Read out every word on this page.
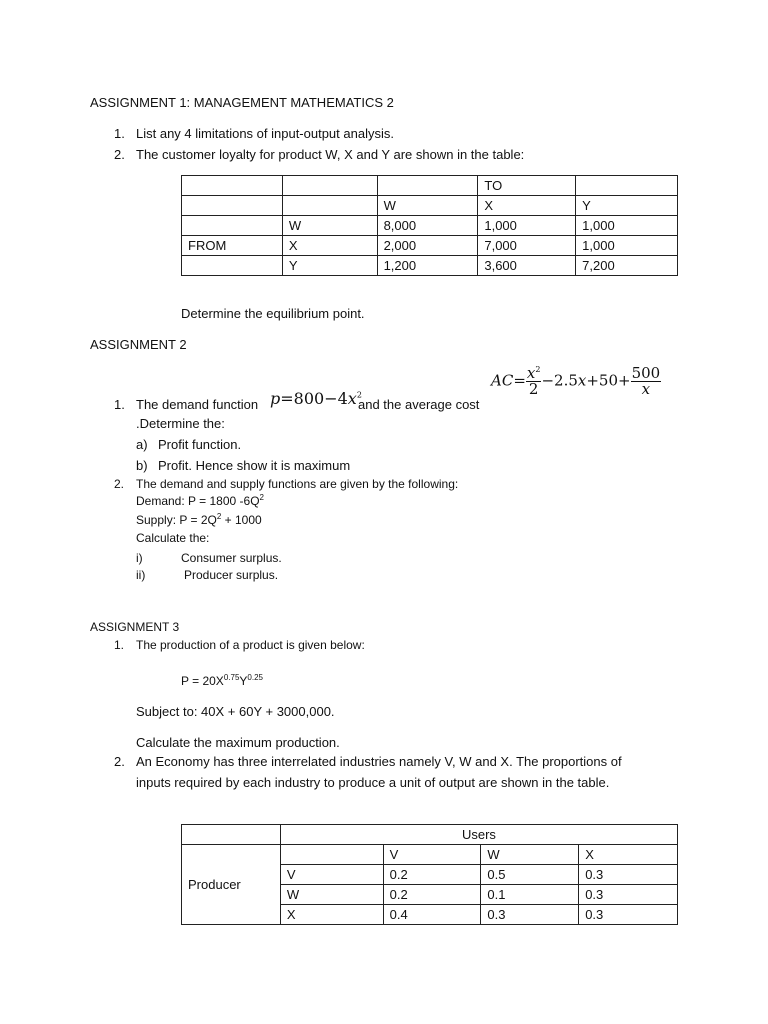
ASSIGNMENT 1: MANAGEMENT MATHEMATICS 2
1. List any 4 limitations of input-output analysis.
2. The customer loyalty for product W, X and Y are shown in the table:
			TO	
		W	X	Y
	W	8,000	1,000	1,000
FROM	X	2,000	7,000	1,000
	Y	1,200	3,600	7,200
Determine the equilibrium point.
ASSIGNMENT 2
$AC= \frac{x^2}{2} -2.5x+50+ \frac{500}{x}$
1. The demand function $p=800-4x^2$
and the average cost
.Determine the:
a) Profit function.
b) Profit. Hence show it is maximum
2. The demand and supply functions are given by the following:
Demand: P = 1800 $-6Q^2$
Supply: $P = 2Q^2 + 1000$
Calculate the:
i)	Consumer surplus.
ii)	Producer surplus.
ASSIGNMENT 3
1. The production of a product is given below:
$P = 20X^{0.75}Y^{0.25}$
Subject to: 40X + 60Y + 3000,000.
Calculate the maximum production.
2. An Economy has three interrelated industries namely V, W and X. The proportions of
inputs required by each industry to produce a unit of output are shown in the table.
	Users			
Producer		V	W	X
	V	0.2	0.5	0.3
	W	0.2	0.1	0.3
	X	0.4	0.3	0.3
